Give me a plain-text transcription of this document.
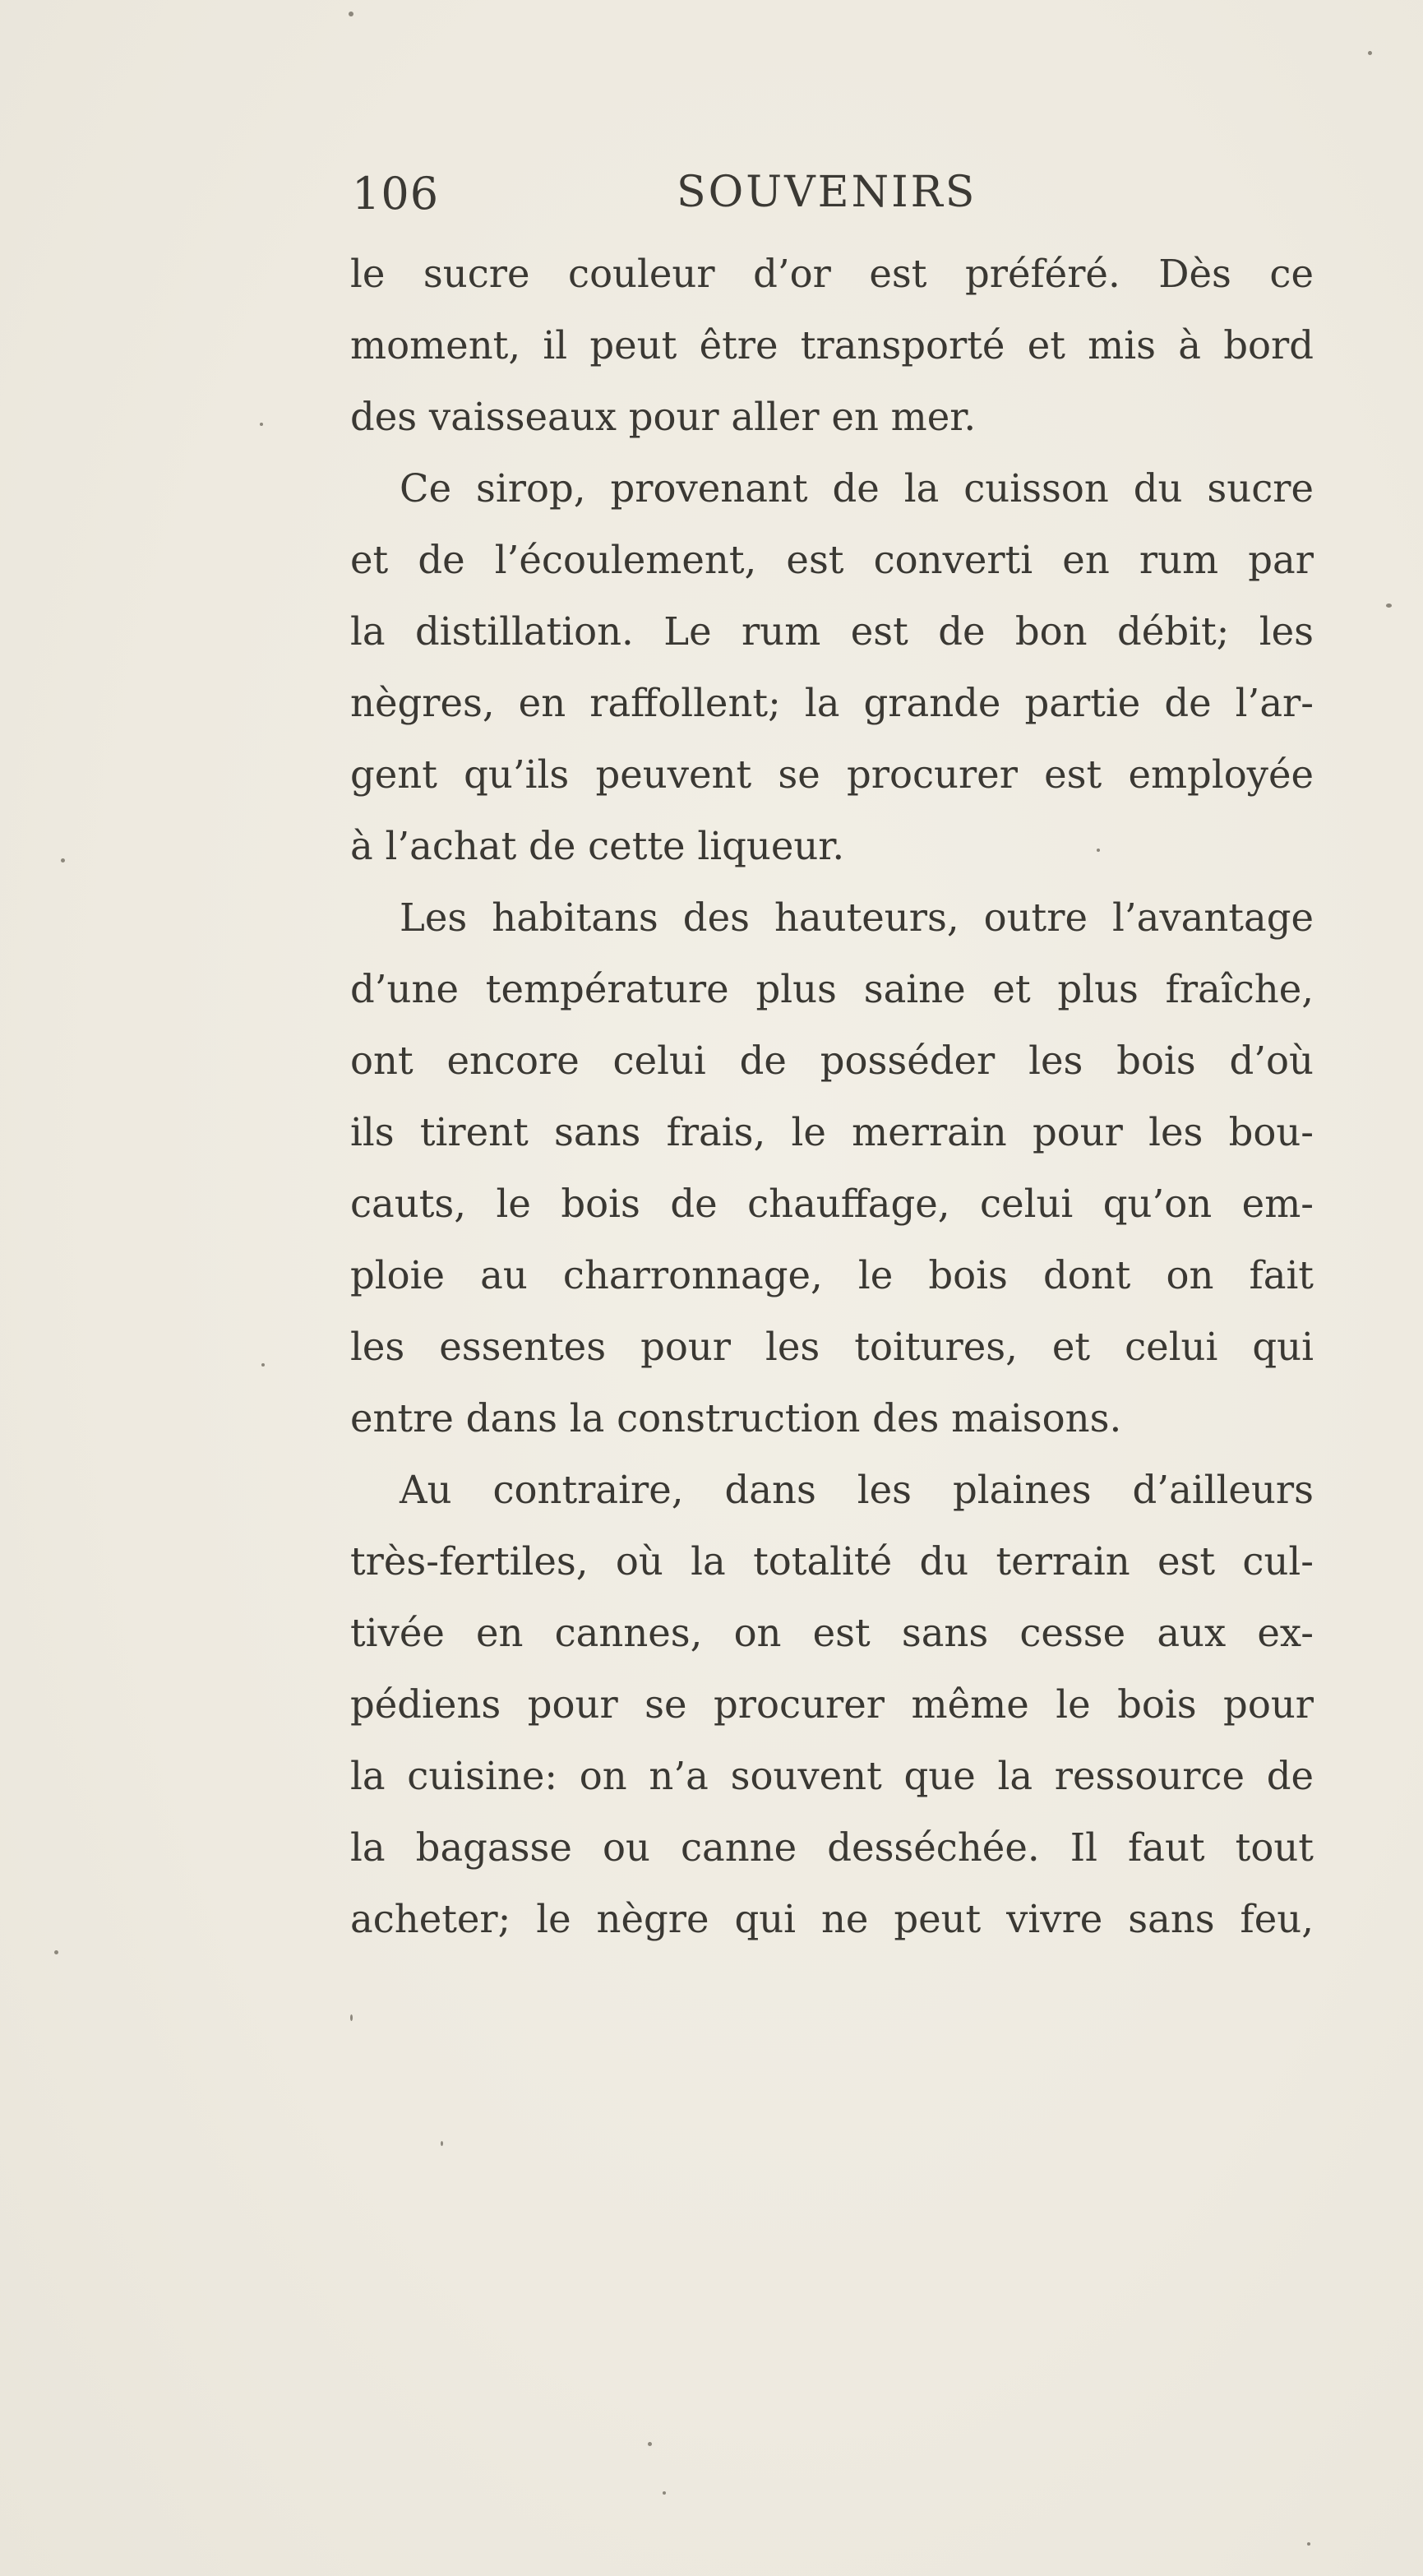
106	SOUVENIRS
le sucre couleur d’or est préféré. Dès ce
moment, il peut être transporté et mis à bord
des vaisseaux pour aller en mer.
Ce sirop, provenant de la cuisson du sucre
et de l’écoulement, est converti en rum par
la distillation. Le rum est de bon débit; les
nègres, en raffollent; la grande partie de l’ar-
gent qu’ils peuvent se procurer est employée
à l’achat de cette liqueur.
Les habitans des hauteurs, outre l’avantage
d’une température plus saine et plus fraîche,
ont encore celui de posséder les bois d’où
ils tirent sans frais, le merrain pour les bou-
cauts, le bois de chauffage, celui qu’on em-
ploie au charronnage, le bois dont on fait
les essentes pour les toitures, et celui qui
entre dans la construction des maisons.
Au contraire, dans les plaines d’ailleurs
très-fertiles, où la totalité du terrain est cul-
tivée en cannes, on est sans cesse aux ex-
pédiens pour se procurer même le bois pour
la cuisine: on n’a souvent que la ressource de
la bagasse ou canne desséchée. Il faut tout
acheter; le nègre qui ne peut vivre sans feu,
